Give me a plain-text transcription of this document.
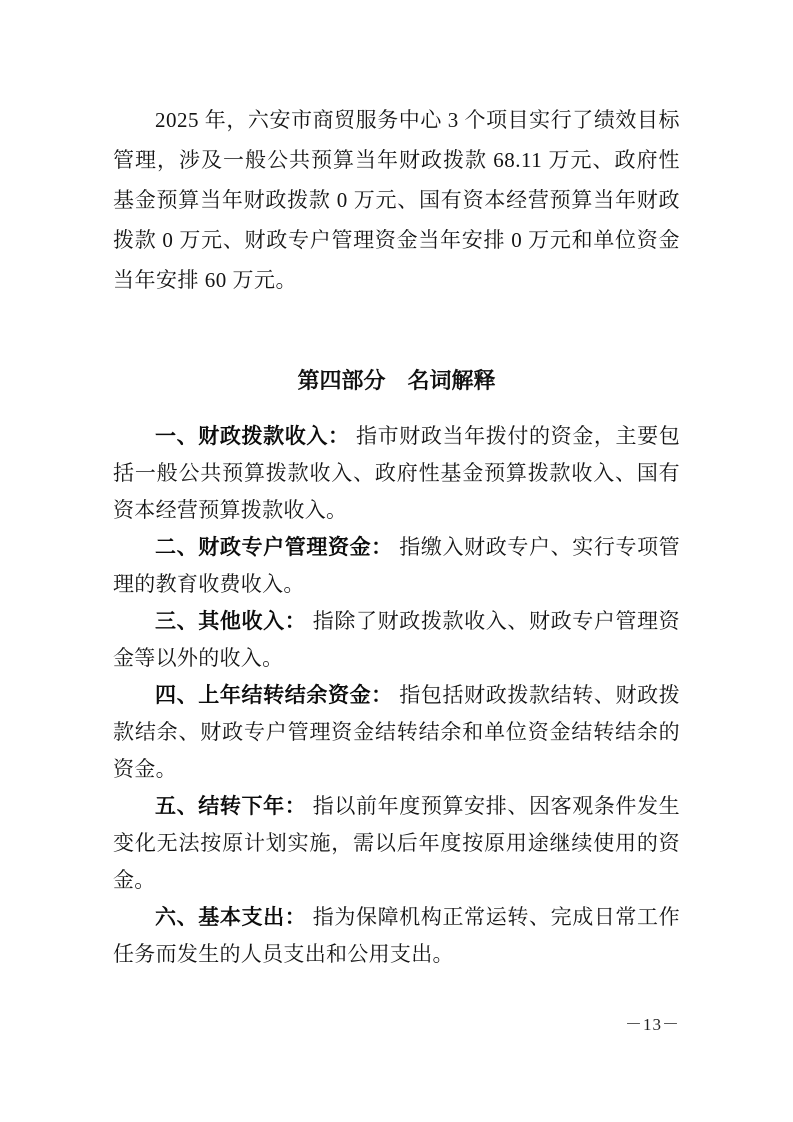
2025 年，六安市商贸服务中心 3 个项目实行了绩效目标管理，涉及一般公共预算当年财政拨款 68.11 万元、政府性基金预算当年财政拨款 0 万元、国有资本经营预算当年财政拨款 0 万元、财政专户管理资金当年安排 0 万元和单位资金当年安排 60 万元。

第四部分　名词解释

一、财政拨款收入： 指市财政当年拨付的资金，主要包括一般公共预算拨款收入、政府性基金预算拨款收入、国有资本经营预算拨款收入。

二、财政专户管理资金： 指缴入财政专户、实行专项管理的教育收费收入。

三、其他收入： 指除了财政拨款收入、财政专户管理资金等以外的收入。

四、上年结转结余资金： 指包括财政拨款结转、财政拨款结余、财政专户管理资金结转结余和单位资金结转结余的资金。

五、结转下年： 指以前年度预算安排、因客观条件发生变化无法按原计划实施，需以后年度按原用途继续使用的资金。

六、基本支出： 指为保障机构正常运转、完成日常工作任务而发生的人员支出和公用支出。

－13－
